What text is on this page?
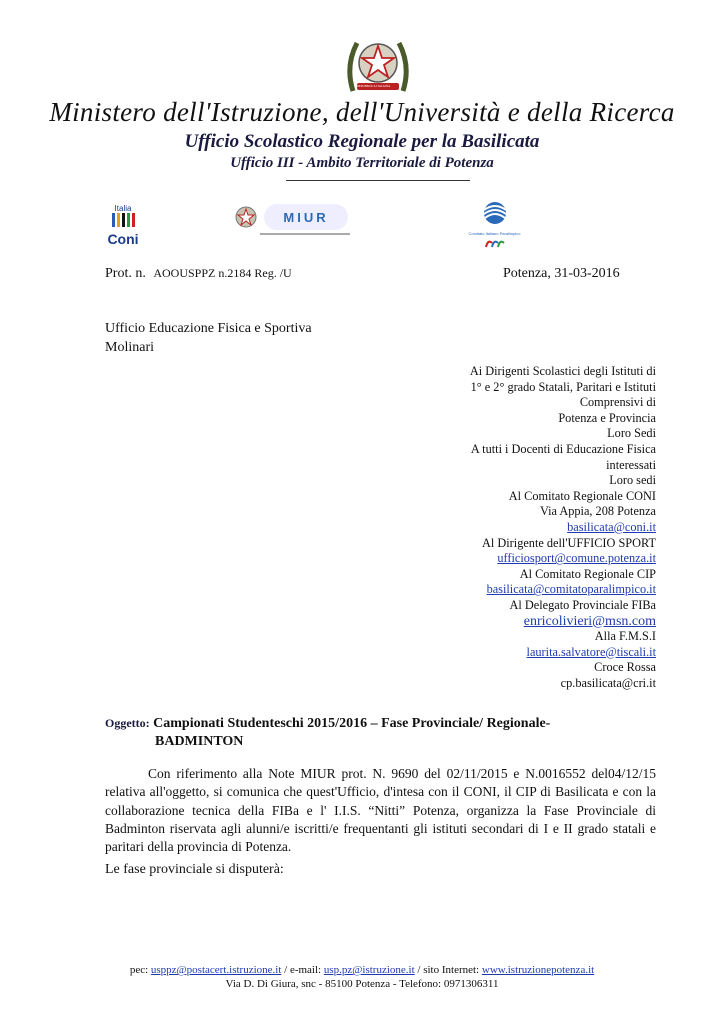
REPUBBLICA ITALIANA
Ministero dell'Istruzione, dell'Università e della Ricerca
Ufficio Scolastico Regionale per la Basilicata
Ufficio III - Ambito Territoriale di Potenza
Italia
Coni
MIUR
Comitato Italiano Paralimpico
Prot. n. AOOUSPPZ n.2184 Reg. /U	Potenza, 31-03-2016
Ufficio Educazione Fisica e Sportiva
Molinari
Ai Dirigenti Scolastici degli Istituti di
1° e 2° grado Statali, Paritari e Istituti
Comprensivi di
Potenza e Provincia
Loro Sedi
A tutti i Docenti di Educazione Fisica
interessati
Loro sedi
Al Comitato Regionale CONI
Via Appia, 208 Potenza
basilicata@coni.it
Al Dirigente dell'UFFICIO SPORT
ufficiosport@comune.potenza.it
Al Comitato Regionale CIP
basilicata@comitatoparalimpico.it
Al Delegato Provinciale FIBa
enricolivieri@msn.com
Alla F.M.S.I
laurita.salvatore@tiscali.it
Croce Rossa
cp.basilicata@cri.it
Oggetto: Campionati Studenteschi 2015/2016 – Fase Provinciale/ Regionale-
BADMINTON

Con riferimento alla Note MIUR prot. N. 9690 del 02/11/2015 e N.0016552 del04/12/15 relativa all'oggetto, si comunica che quest'Ufficio, d'intesa con il CONI, il CIP di Basilicata e con la collaborazione tecnica della FIBa e l' I.I.S. “Nitti” Potenza, organizza la Fase Provinciale di Badminton riservata agli alunni/e iscritti/e frequentanti gli istituti secondari di I e II grado statali e paritari della provincia di Potenza.

Le fase provinciale si disputerà:
pec: usppz@postacert.istruzione.it / e-mail: usp.pz@istruzione.it / sito Internet: www.istruzionepotenza.it
Via D. Di Giura, snc - 85100 Potenza - Telefono: 0971306311
